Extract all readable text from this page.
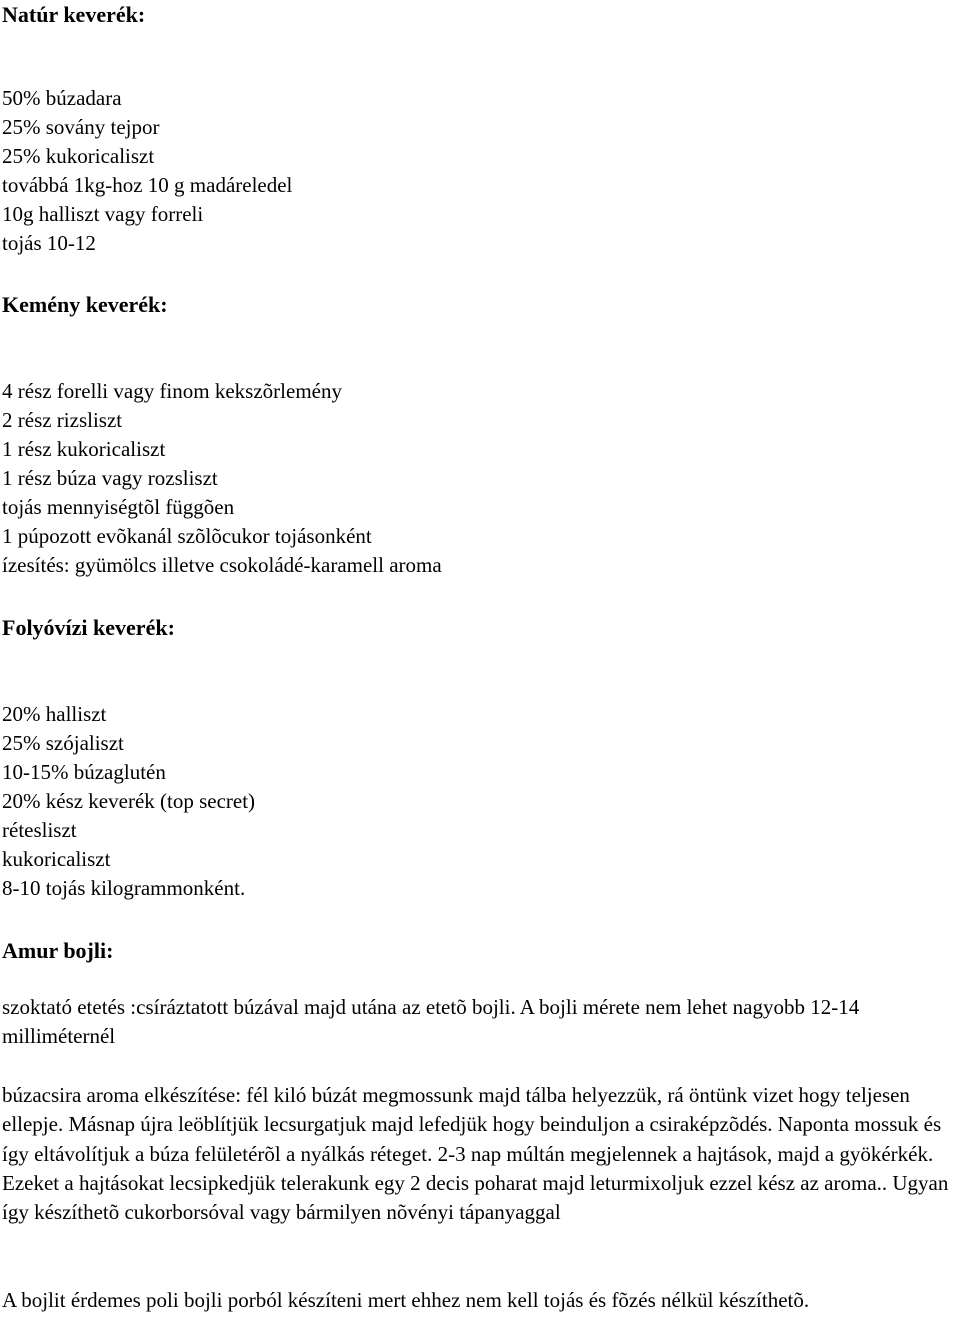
Natúr keverék:
50% búzadara
25% sovány tejpor
25% kukoricaliszt
továbbá 1kg-hoz 10 g madáreledel
10g halliszt vagy forreli
tojás 10-12
Kemény keverék:
4 rész forelli vagy finom kekszõrlemény
2 rész rizsliszt
1 rész kukoricaliszt
1 rész búza vagy rozsliszt
tojás mennyiségtõl függõen
1 púpozott evõkanál szõlõcukor tojásonként
ízesítés: gyümölcs illetve csokoládé-karamell aroma
Folyóvízi keverék:
20% halliszt
25% szójaliszt
10-15% búzaglutén
20% kész keverék (top secret)
rétesliszt
kukoricaliszt
8-10 tojás kilogrammonként.
Amur bojli:
szoktató etetés :csíráztatott búzával majd utána az etetõ bojli. A bojli mérete nem lehet nagyobb 12-14 milliméternél
búzacsira aroma elkészítése: fél kiló búzát megmossunk majd tálba helyezzük, rá öntünk vizet hogy teljesen ellepje. Másnap újra leöblítjük lecsurgatjuk majd lefedjük hogy beinduljon a csiraképzõdés. Naponta mossuk és így eltávolítjuk a búza felületérõl a nyálkás réteget. 2-3 nap múltán megjelennek a hajtások, majd a gyökérkék. Ezeket a hajtásokat lecsipkedjük telerakunk egy 2 decis poharat majd leturmixoljuk ezzel kész az aroma.. Ugyan így készíthetõ cukorborsóval vagy bármilyen nõvényi tápanyaggal
A bojlit érdemes poli bojli porból készíteni mert ehhez nem kell tojás és fõzés nélkül készíthetõ.
